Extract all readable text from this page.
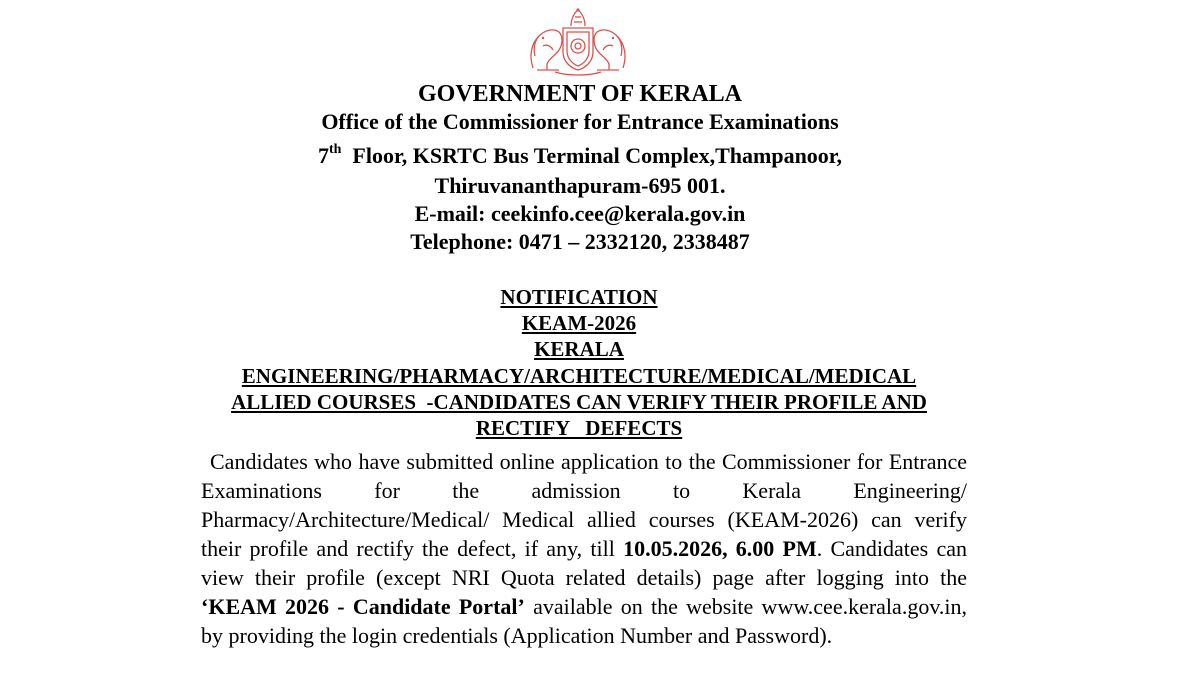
GOVERNMENT OF KERALA
Office of the Commissioner for Entrance Examinations
7th Floor, KSRTC Bus Terminal Complex,Thampanoor,
Thiruvananthapuram-695 001.
E-mail: ceekinfo.cee@kerala.gov.in
Telephone: 0471 – 2332120, 2338487
NOTIFICATION
KEAM-2026
KERALA
ENGINEERING/PHARMACY/ARCHITECTURE/MEDICAL/MEDICAL
ALLIED COURSES  -CANDIDATES CAN VERIFY THEIR PROFILE AND
RECTIFY   DEFECTS
Candidates who have submitted online application to the Commissioner for Entrance Examinations for the admission to Kerala Engineering/ Pharmacy/Architecture/Medical/ Medical allied courses (KEAM-2026) can verify their profile and rectify the defect, if any, till 10.05.2026, 6.00 PM. Candidates can view their profile (except NRI Quota related details) page after logging into the ‘KEAM 2026 - Candidate Portal’ available on the website www.cee.kerala.gov.in, by providing the login credentials (Application Number and Password).
